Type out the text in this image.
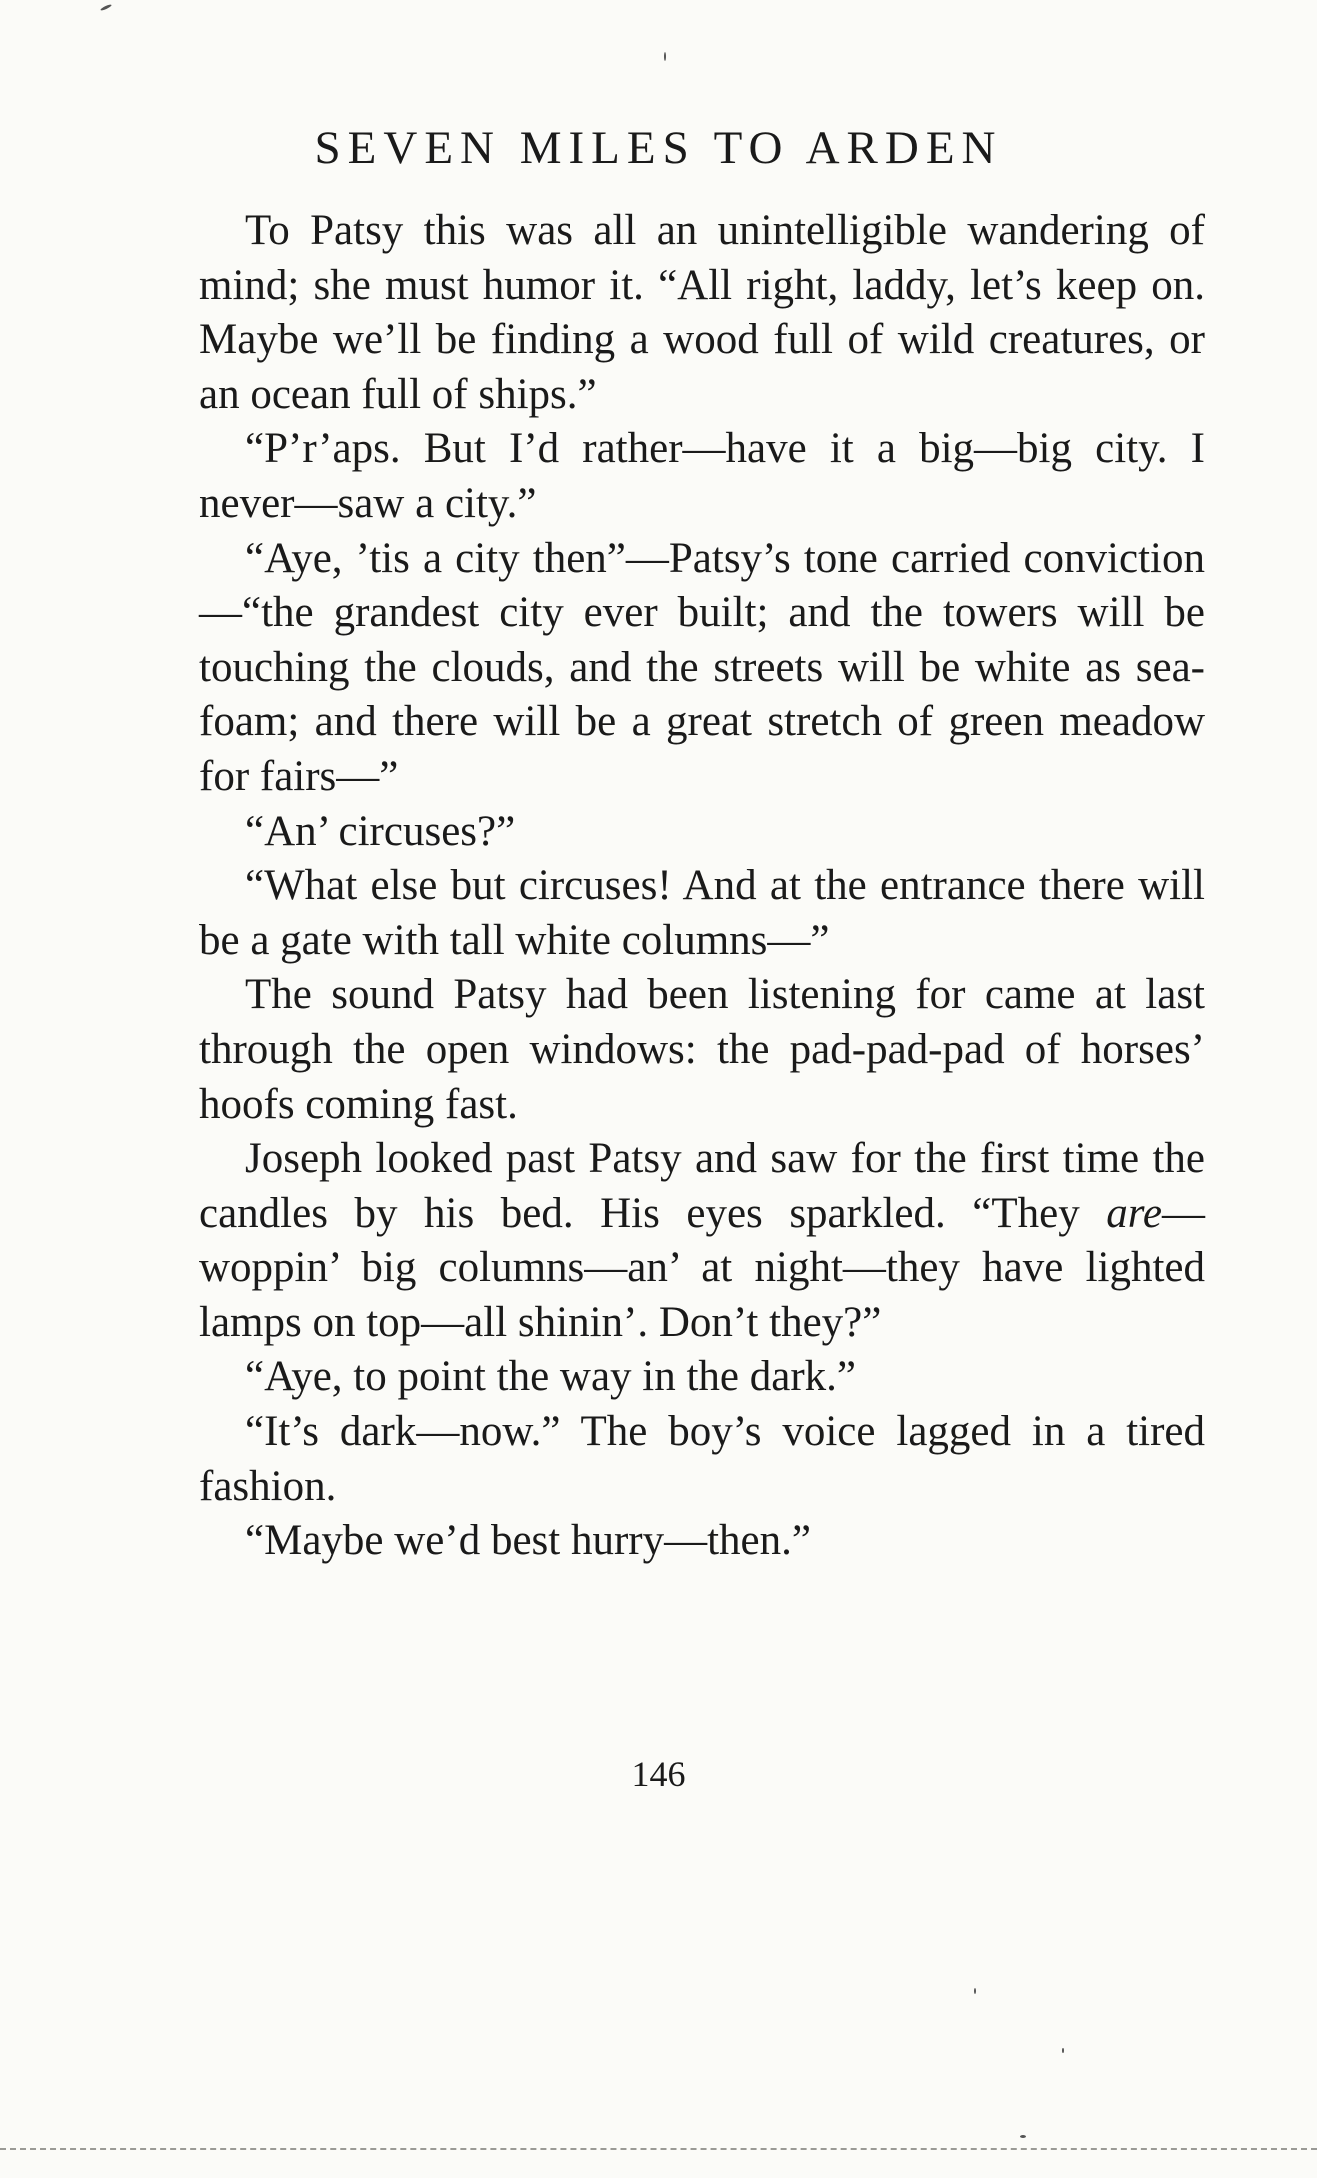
SEVEN MILES TO ARDEN

To Patsy this was all an unintelligible wandering of mind; she must humor it. “All right, laddy, let’s keep on. Maybe we’ll be finding a wood full of wild creatures, or an ocean full of ships.”

“P’r’aps. But I’d rather—have it a big—big city. I never—saw a city.”

“Aye, ’tis a city then”—Patsy’s tone carried conviction—“the grandest city ever built; and the towers will be touching the clouds, and the streets will be white as sea-foam; and there will be a great stretch of green meadow for fairs—”

“An’ circuses?”

“What else but circuses! And at the entrance there will be a gate with tall white columns—”

The sound Patsy had been listening for came at last through the open windows: the pad-pad-pad of horses’ hoofs coming fast.

Joseph looked past Patsy and saw for the first time the candles by his bed. His eyes sparkled. “They are—woppin’ big columns—an’ at night—they have lighted lamps on top—all shinin’. Don’t they?”

“Aye, to point the way in the dark.”

“It’s dark—now.” The boy’s voice lagged in a tired fashion.

“Maybe we’d best hurry—then.”

146
